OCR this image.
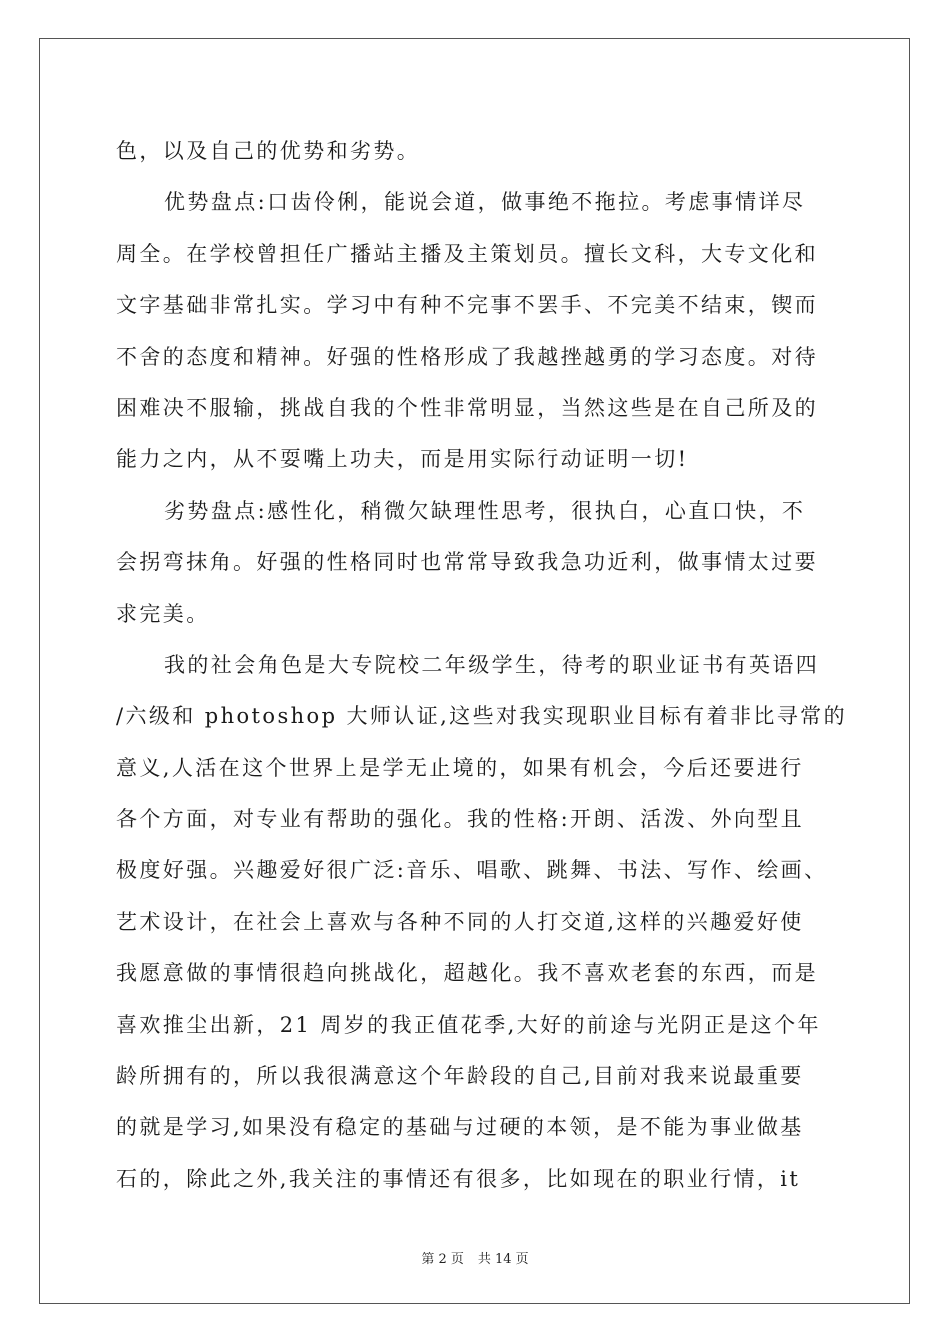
色，以及自己的优势和劣势。
优势盘点:口齿伶俐，能说会道，做事绝不拖拉。考虑事情详尽
周全。在学校曾担任广播站主播及主策划员。擅长文科，大专文化和
文字基础非常扎实。学习中有种不完事不罢手、不完美不结束，锲而
不舍的态度和精神。好强的性格形成了我越挫越勇的学习态度。对待
困难决不服输，挑战自我的个性非常明显，当然这些是在自己所及的
能力之内，从不耍嘴上功夫，而是用实际行动证明一切!
劣势盘点:感性化，稍微欠缺理性思考，很执白，心直口快，不
会拐弯抹角。好强的性格同时也常常导致我急功近利，做事情太过要
求完美。
我的社会角色是大专院校二年级学生，待考的职业证书有英语四
/六级和 photoshop 大师认证,这些对我实现职业目标有着非比寻常的
意义,人活在这个世界上是学无止境的，如果有机会，今后还要进行
各个方面，对专业有帮助的强化。我的性格:开朗、活泼、外向型且
极度好强。兴趣爱好很广泛:音乐、唱歌、跳舞、书法、写作、绘画、
艺术设计，在社会上喜欢与各种不同的人打交道,这样的兴趣爱好使
我愿意做的事情很趋向挑战化，超越化。我不喜欢老套的东西，而是
喜欢推尘出新，21 周岁的我正值花季,大好的前途与光阴正是这个年
龄所拥有的，所以我很满意这个年龄段的自己,目前对我来说最重要
的就是学习,如果没有稳定的基础与过硬的本领，是不能为事业做基
石的，除此之外,我关注的事情还有很多，比如现在的职业行情，it
第 2 页 共 14 页
